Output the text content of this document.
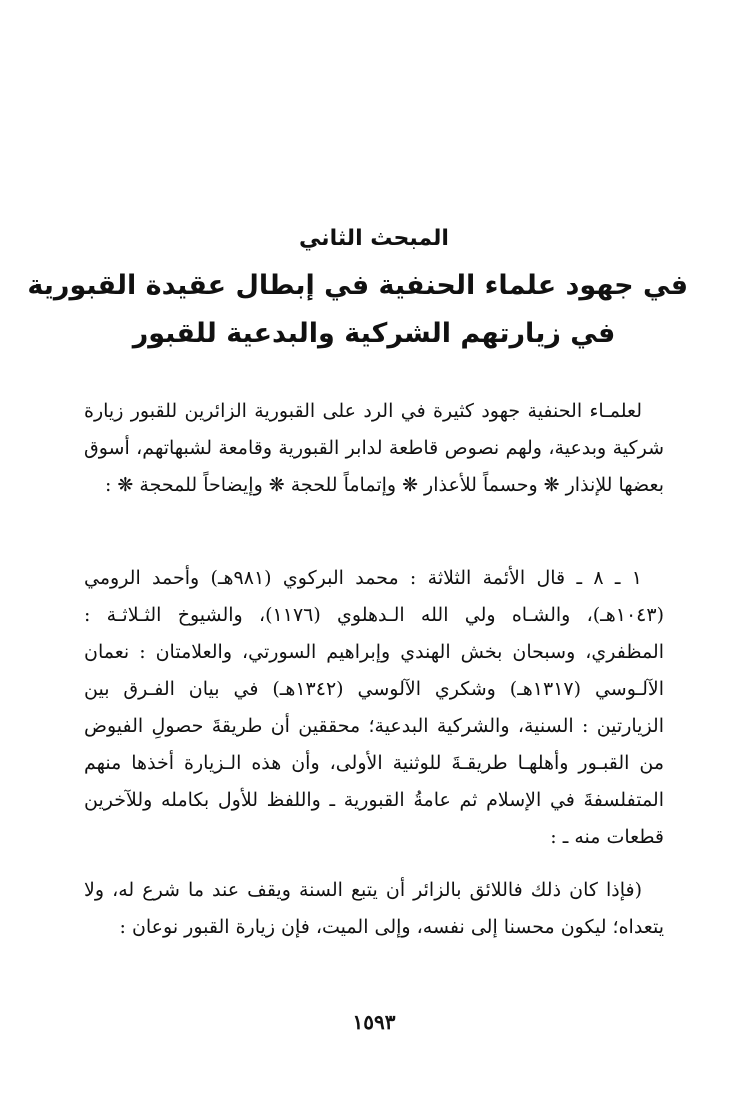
المبحث الثاني
في جهود علماء الحنفية في إبطال عقيدة القبورية
في زيارتهم الشركية والبدعية للقبور

لعلمـاء الحنفية جهود كثيرة في الرد على القبورية الزائرين للقبور زيارة شركية وبدعية، ولهم نصوص قاطعة لدابر القبورية وقامعة لشبهاتهم، أسوق بعضها للإنذار ❋ وحسماً للأعذار ❋ وإتماماً للحجة ❋ وإيضاحاً للمحجة ❋ :

١ ـ ٨ ـ قال الأئمة الثلاثة : محمد البركوي (٩٨١هـ) وأحمد الرومي (١٠٤٣هـ)، والشـاه ولي الله الـدهلوي (١١٧٦)، والشيوخ الثـلاثـة : المظفري، وسبحان بخش الهندي وإبراهيم السورتي، والعلامتان : نعمان الآلـوسي (١٣١٧هـ) وشكري الآلوسي (١٣٤٢هـ) في بيان الفـرق بين الزيارتين : السنية، والشركية البدعية؛ محققين أن طريقةَ حصولِ الفيوض من القبـور وأهلهـا طريقـةَ للوثنية الأولى، وأن هذه الـزيارة أخذها منهم المتفلسفةَ في الإسلام ثم عامةُ القبورية ـ واللفظ للأول بكامله وللآخرين قطعات منه ـ :

(فإذا كان ذلك فاللائق بالزائر أن يتبع السنة ويقف عند ما شرع له، ولا يتعداه؛ ليكون محسنا إلى نفسه، وإلى الميت، فإن زيارة القبور نوعان :

١٥٩٣
